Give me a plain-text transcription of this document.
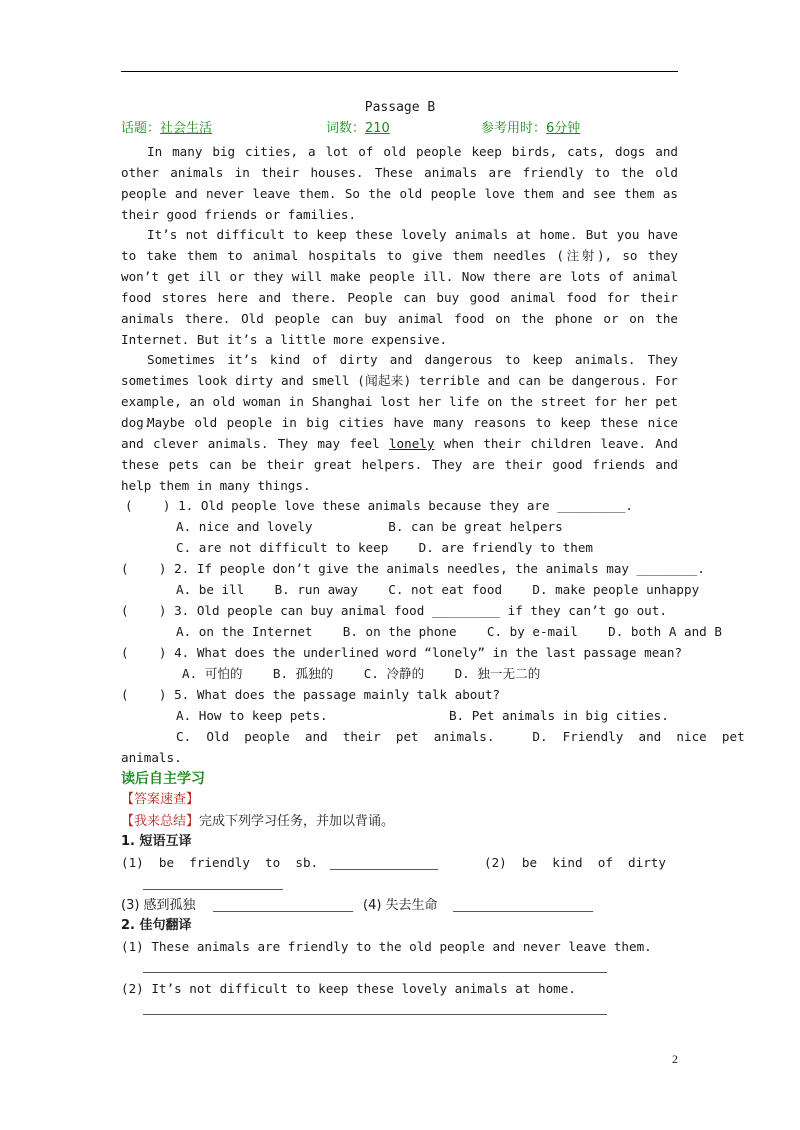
Passage B
话题：社会生活	词数：210	参考用时：6分钟
In many big cities, a lot of old people keep birds, cats, dogs and other animals in their houses. These animals are friendly to the old people and never leave them. So the old people love them and see them as their good friends or families.
It’s not difficult to keep these lovely animals at home. But you have to take them to animal hospitals to give them needles (注射), so they won’t get ill or they will make people ill. Now there are lots of animal food stores here and there. People can buy good animal food for their animals there. Old people can buy animal food on the phone or on the Internet. But it’s a little more expensive.
Sometimes it’s kind of dirty and dangerous to keep animals. They sometimes look dirty and smell (闻起来) terrible and can be dangerous. For example, an old woman in Shanghai lost her life on the street for her pet dog.
Maybe old people in big cities have many reasons to keep these nice and clever animals. They may feel lonely when their children leave. And these pets can be their great helpers. They are their good friends and help them in many things.
(    ) 1. Old people love these animals because they are _________.
A. nice and lovely          B. can be great helpers
C. are not difficult to keep    D. are friendly to them
(    ) 2. If people don’t give the animals needles, the animals may ________.
A. be ill    B. run away    C. not eat food    D. make people unhappy
(    ) 3. Old people can buy animal food _________ if they can’t go out.
A. on the Internet    B. on the phone    C. by e-mail    D. both A and B
(    ) 4. What does the underlined word “lonely” in the last passage mean?
A. 可怕的    B. 孤独的    C. 冷静的    D. 独一无二的
(    ) 5. What does the passage mainly talk about?
A. How to keep pets.                B. Pet animals in big cities.
C.  Old  people  and  their  pet  animals.     D.  Friendly  and  nice  pet
animals.
读后自主学习
【答案速查】
【我来总结】完成下列学习任务，并加以背诵。
1. 短语互译
(1)  be  friendly  to  sb.	(2)  be  kind  of  dirty
(3) 感到孤独	(4) 失去生命
2. 佳句翻译
(1) These animals are friendly to the old people and never leave them.
(2) It’s not difficult to keep these lovely animals at home.
2
